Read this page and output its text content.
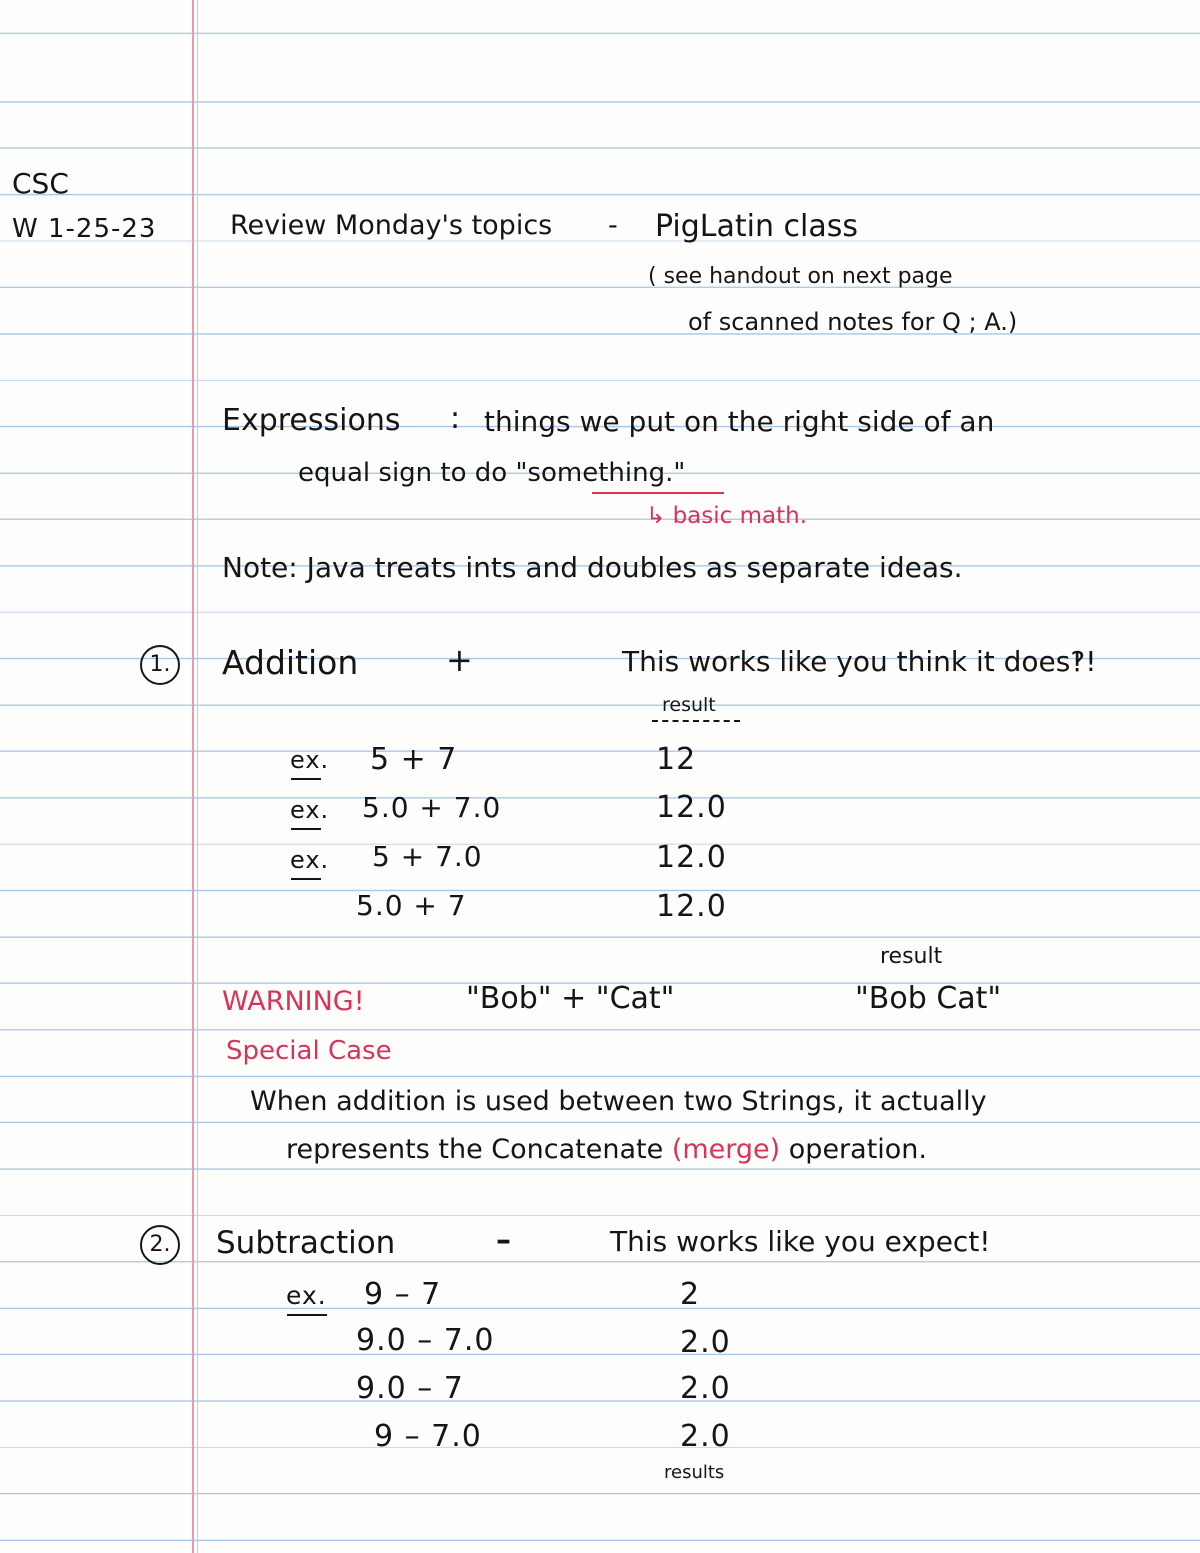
CSC
W 1-25-23	Review Monday's topics - PigLatin class
( see handout on next page
of scanned notes for Q ; A.)
Expressions : things we put on the right side of an
equal sign to do "something."
↳ basic math.
Note: Java treats ints and doubles as separate ideas.
1. Addition	+	This works like you think it does‽!
result
ex. 5 + 7	12
ex. 5.0 + 7.0	12.0
ex. 5 + 7.0	12.0
5.0 + 7	12.0
result
WARNING!	"Bob" + "Cat"	"Bob Cat"
Special Case
When addition is used between two Strings, it actually
represents the Concatenate (merge) operation.
2.	Subtraction	–	This works like you expect!
ex. 9 – 7	2
9.0 – 7.0	2.0
9.0 – 7	2.0
9 – 7.0	2.0
results
